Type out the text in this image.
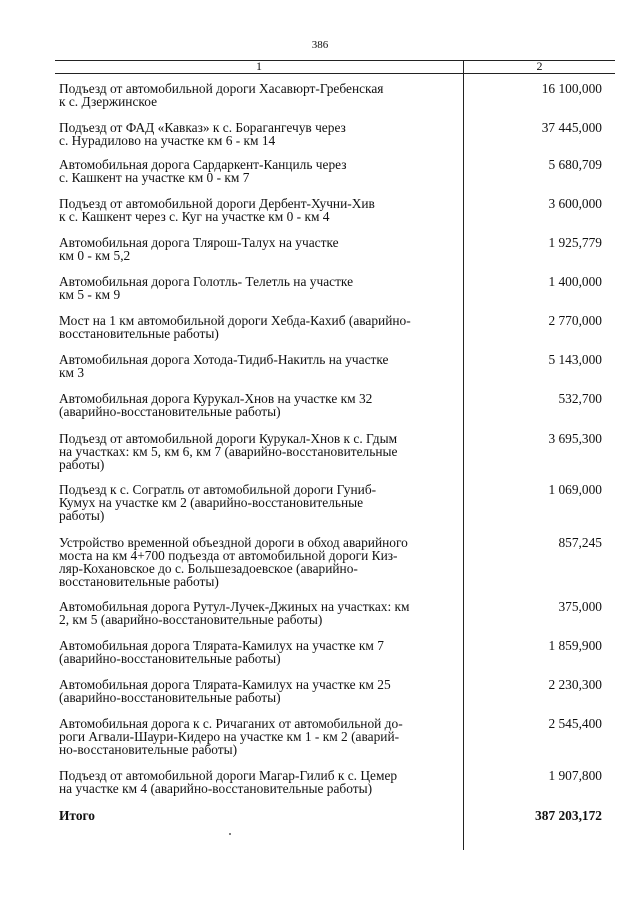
386
1	2
Подъезд от автомобильной дороги Хасавюрт-Гребенская
к с. Дзержинское
16 100,000
Подъезд от ФАД «Кавказ» к с. Борагангечув через
с. Нурадилово на участке км 6 - км 14
37 445,000
Автомобильная дорога Сардаркент-Канциль через
с. Кашкент на участке км 0 - км 7
5 680,709
Подъезд от автомобильной дороги Дербент-Хучни-Хив
к с. Кашкент через с. Куг на участке км 0 - км 4
3 600,000
Автомобильная дорога Тлярош-Талух на участке
км 0 - км 5,2
1 925,779
Автомобильная дорога Голотль- Телетль на участке
км 5 - км 9
1 400,000
Мост на 1 км автомобильной дороги Хебда-Кахиб (аварийно-
восстановительные работы)
2 770,000
Автомобильная дорога Хотода-Тидиб-Накитль на участке
км 3
5 143,000
Автомобильная дорога Курукал-Хнов на участке км 32
(аварийно-восстановительные работы)
532,700
Подъезд от автомобильной дороги Курукал-Хнов к с. Гдым
на участках: км 5, км 6, км 7 (аварийно-восстановительные
работы)
3 695,300
Подъезд к с. Согратль от автомобильной дороги Гуниб-
Кумух на участке км 2 (аварийно-восстановительные
работы)
1 069,000
Устройство временной объездной дороги в обход аварийного
моста на км 4+700 подъезда от автомобильной дороги Киз-
ляр-Кохановское до с. Большезадоевское (аварийно-
восстановительные работы)
857,245
Автомобильная дорога Рутул-Лучек-Джиных на участках: км
2, км 5 (аварийно-восстановительные работы)
375,000
Автомобильная дорога Тлярата-Камилух на участке км 7
(аварийно-восстановительные работы)
1 859,900
Автомобильная дорога Тлярата-Камилух на участке км 25
(аварийно-восстановительные работы)
2 230,300
Автомобильная дорога к с. Ричаганих от автомобильной до-
роги Агвали-Шаури-Кидеро на участке км 1 - км 2 (аварий-
но-восстановительные работы)
2 545,400
Подъезд от автомобильной дороги Магар-Гилиб к с. Цемер
на участке км 4 (аварийно-восстановительные работы)
1 907,800
Итого	387 203,172
